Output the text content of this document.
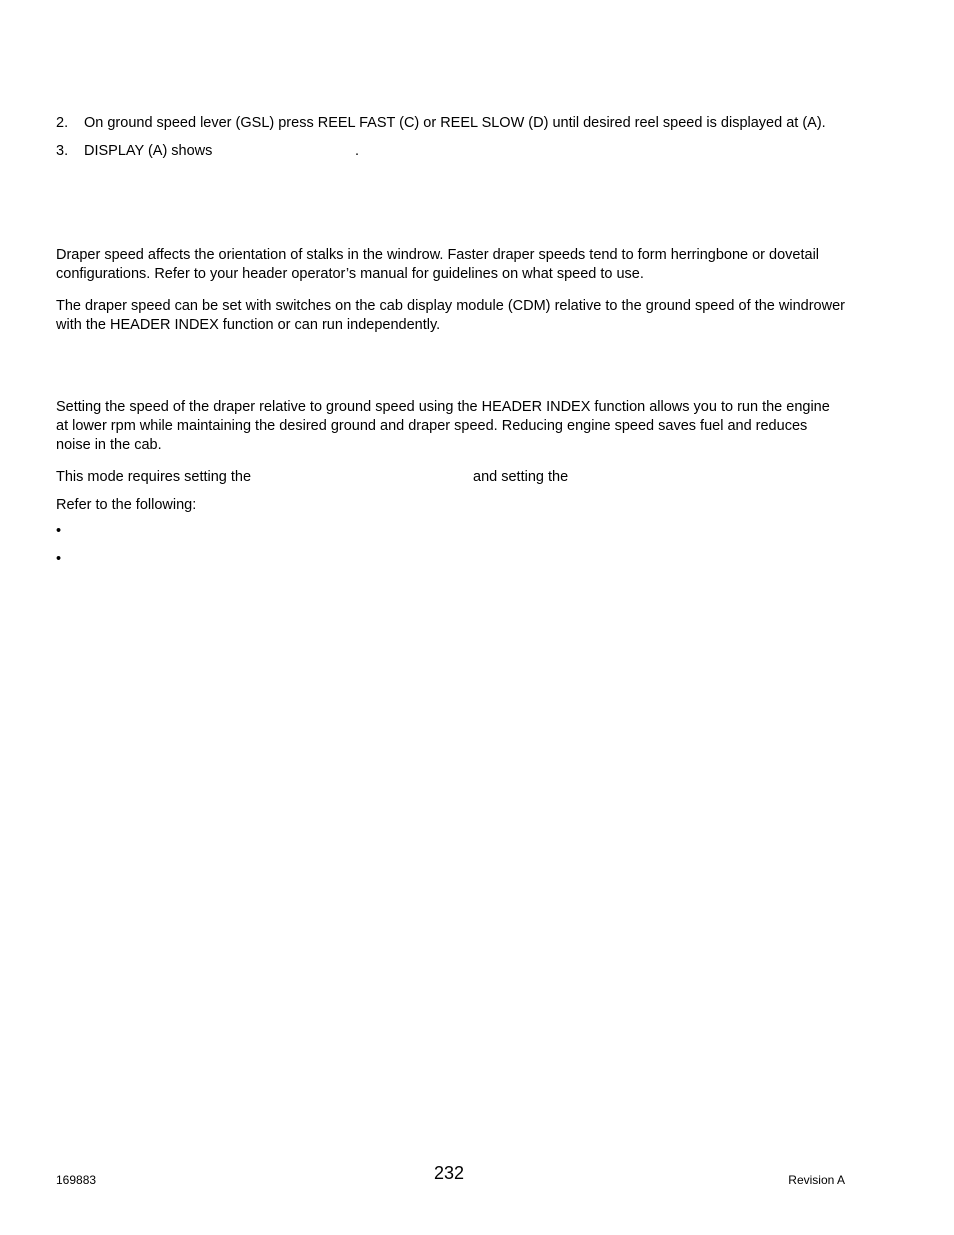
2.	On ground speed lever (GSL) press REEL FAST (C) or REEL SLOW (D) until desired reel speed is displayed at (A).
3.	DISPLAY (A) shows	.

Draper speed affects the orientation of stalks in the windrow. Faster draper speeds tend to form herringbone or dovetail configurations. Refer to your header operator’s manual for guidelines on what speed to use.

The draper speed can be set with switches on the cab display module (CDM) relative to the ground speed of the windrower with the HEADER INDEX function or can run independently.

Setting the speed of the draper relative to ground speed using the HEADER INDEX function allows you to run the engine at lower rpm while maintaining the desired ground and draper speed. Reducing engine speed saves fuel and reduces noise in the cab.

This mode requires setting the	and setting the
Refer to the following:
•
•
169883	232	Revision A
